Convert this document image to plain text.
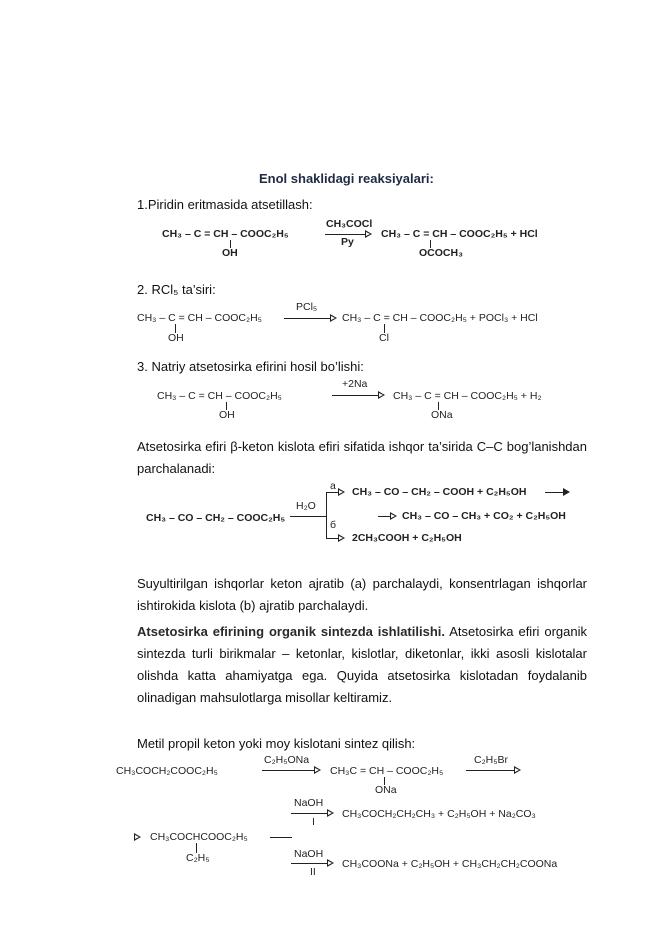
Enol shaklidagi reaksiyalari:
1.Piridin eritmasida atsetillash:
CH₃ – C = CH – COOC₂H₅
OH
CH₃COCl
Py
CH₃ – C = CH – COOC₂H₅ + HCl
OCOCH₃
2. RCl₅ ta’siri:
CH₃ – C = CH – COOC₂H₅
OH
PCl₅
CH₃ – C = CH – COOC₂H₅ + POCl₃ + HCl
Cl
3. Natriy atsetosirka efirini hosil bo’lishi:
CH₃ – C = CH – COOC₂H₅
OH
+2Na
CH₃ – C = CH – COOC₂H₅ + H₂
ONa
Atsetosirka efiri β-keton kislota efiri sifatida ishqor ta’sirida C–C bog’lanishdan parchalanadi:
CH₃ – CO – CH₂ – COOC₂H₅
H₂O
a
б
CH₃ – CO – CH₂ – COOH + C₂H₅OH
CH₃ – CO – CH₃ + CO₂ + C₂H₅OH
2CH₃COOH + C₂H₅OH
Suyultirilgan ishqorlar keton ajratib (a) parchalaydi, konsentrlagan ishqorlar ishtirokida kislota (b) ajratib parchalaydi.
Atsetosirka efirining organik sintezda ishlatilishi. Atsetosirka efiri organik sintezda turli birikmalar – ketonlar, kislotlar, diketonlar, ikki asosli kislotalar olishda katta ahamiyatga ega. Quyida atsetosirka kislotadan foydalanib olinadigan mahsulotlarga misollar keltiramiz.
Metil propil keton yoki moy kislotani sintez qilish:
CH₃COCH₂COOC₂H₅
C₂H₅ONa
CH₃C = CH – COOC₂H₅
ONa
C₂H₅Br
CH₃COCHCOOC₂H₅
C₂H₅
NaOH
I
CH₃COCH₂CH₂CH₃ + C₂H₅OH + Na₂CO₃
NaOH
II
CH₃COONa + C₂H₅OH + CH₃CH₂CH₂COONa
